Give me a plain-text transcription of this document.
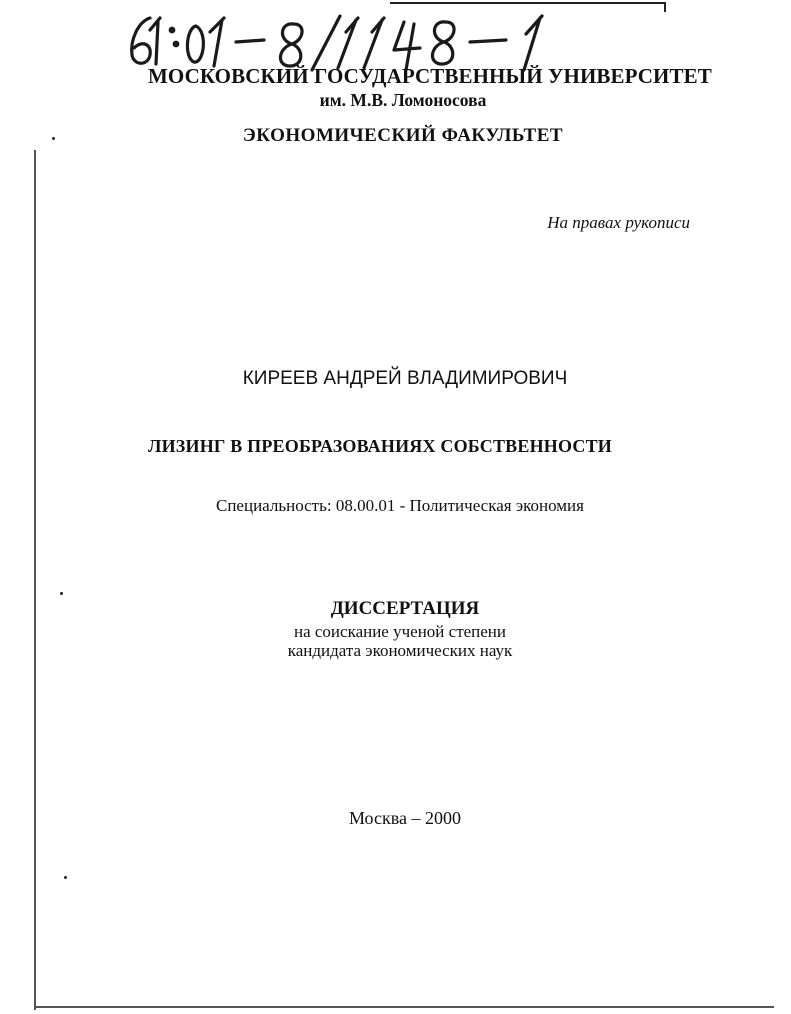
МОСКОВСКИЙ ГОСУДАРСТВЕННЫЙ УНИВЕРСИТЕТ
им. М.В. Ломоносова
ЭКОНОМИЧЕСКИЙ ФАКУЛЬТЕТ
На правах рукописи
КИРЕЕВ АНДРЕЙ ВЛАДИМИРОВИЧ
ЛИЗИНГ В ПРЕОБРАЗОВАНИЯХ СОБСТВЕННОСТИ
Специальность: 08.00.01 - Политическая экономия
ДИССЕРТАЦИЯ
на соискание ученой степени
кандидата экономических наук
Москва – 2000
